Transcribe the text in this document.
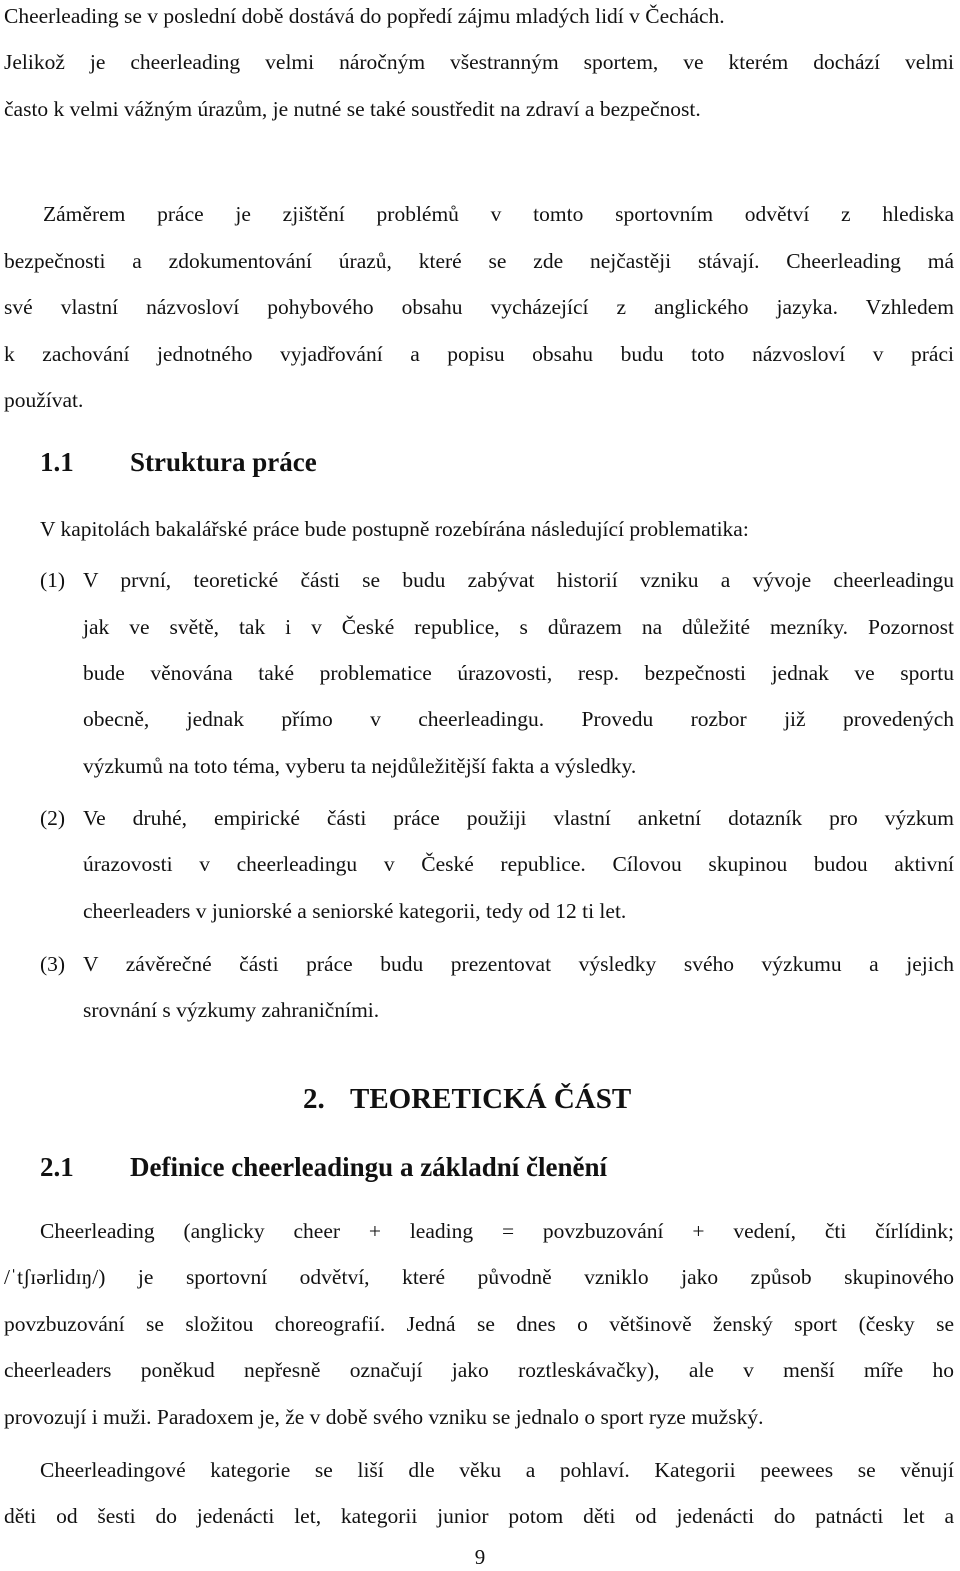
Cheerleading se v poslední době dostává do popředí zájmu mladých lidí v Čechách.
Jelikož je cheerleading velmi náročným všestranným sportem, ve kterém dochází velmi
často k velmi vážným úrazům, je nutné se také soustředit na zdraví a bezpečnost.
Záměrem práce je zjištění problémů v tomto sportovním odvětví z hlediska
bezpečnosti a zdokumentování úrazů, které se zde nejčastěji stávají. Cheerleading má
své vlastní názvosloví pohybového obsahu vycházející z anglického jazyka. Vzhledem
k zachování jednotného vyjadřování a popisu obsahu budu toto názvosloví v práci
používat.
1.1 Struktura práce
V kapitolách bakalářské práce bude postupně rozebírána následující problematika:
(1) V první, teoretické části se budu zabývat historií vzniku a vývoje cheerleadingu
jak ve světě, tak i v České republice, s důrazem na důležité mezníky. Pozornost
bude věnována také problematice úrazovosti, resp. bezpečnosti jednak ve sportu
obecně, jednak přímo v cheerleadingu. Provedu rozbor již provedených
výzkumů na toto téma, vyberu ta nejdůležitější fakta a výsledky.
(2) Ve druhé, empirické části práce použiji vlastní anketní dotazník pro výzkum
úrazovosti v cheerleadingu v České republice. Cílovou skupinou budou aktivní
cheerleaders v juniorské a seniorské kategorii, tedy od 12 ti let.
(3) V závěrečné části práce budu prezentovat výsledky svého výzkumu a jejich
srovnání s výzkumy zahraničními.
2. TEORETICKÁ ČÁST
2.1 Definice cheerleadingu a základní členění
Cheerleading (anglicky cheer + leading = povzbuzování + vedení, čti čírlídink;
/ˈtʃɪərlidɪŋ/) je sportovní odvětví, které původně vzniklo jako způsob skupinového
povzbuzování se složitou choreografií. Jedná se dnes o většinově ženský sport (česky se
cheerleaders poněkud nepřesně označují jako roztleskávačky), ale v menší míře ho
provozují i muži. Paradoxem je, že v době svého vzniku se jednalo o sport ryze mužský.
Cheerleadingové kategorie se liší dle věku a pohlaví. Kategorii peewees se věnují
děti od šesti do jedenácti let, kategorii junior potom děti od jedenácti do patnácti let a
9
